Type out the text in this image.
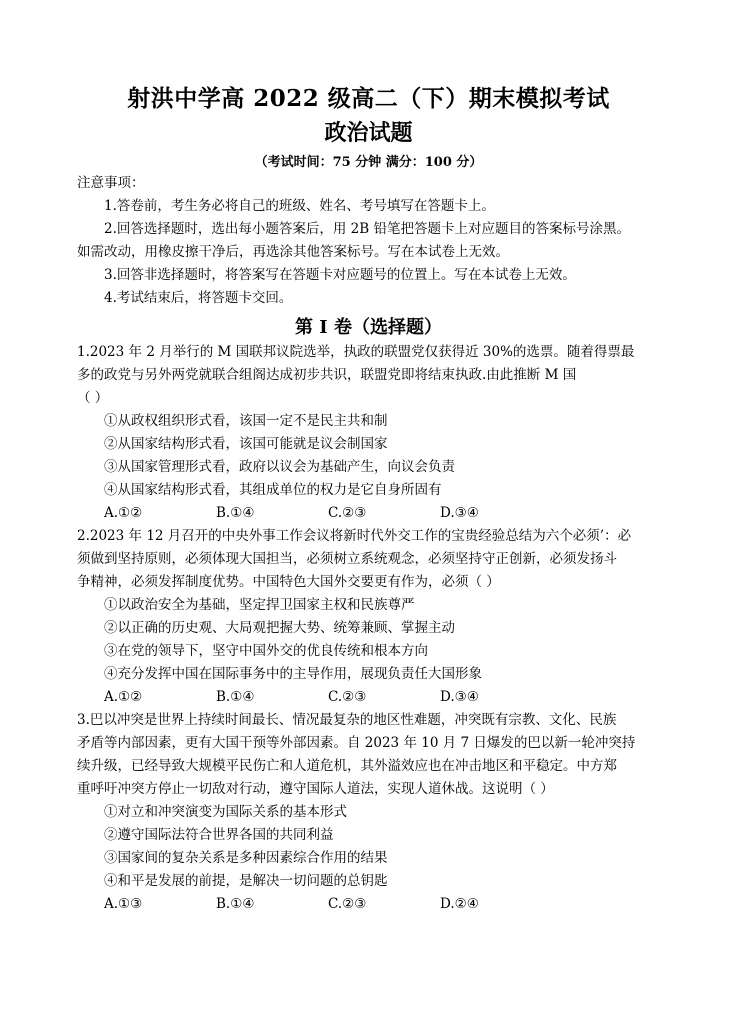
射洪中学高 2022 级高二（下）期末模拟考试
政治试题
（考试时间：75 分钟 满分：100 分）
注意事项：
1.答卷前，考生务必将自己的班级、姓名、考号填写在答题卡上。
2.回答选择题时，选出每小题答案后，用 2B 铅笔把答题卡上对应题目的答案标号涂黑。
如需改动，用橡皮擦干净后，再选涂其他答案标号。写在本试卷上无效。
3.回答非选择题时，将答案写在答题卡对应题号的位置上。写在本试卷上无效。
4.考试结束后，将答题卡交回。
第 I 卷（选择题）
1.2023 年 2 月举行的 M 国联邦议院选举，执政的联盟党仅获得近 30%的选票。随着得票最
多的政党与另外两党就联合组阁达成初步共识，联盟党即将结束执政.由此推断 M 国
（ ）
①从政权组织形式看，该国一定不是民主共和制
②从国家结构形式看，该国可能就是议会制国家
③从国家管理形式看，政府以议会为基础产生，向议会负责
④从国家结构形式看，其组成单位的权力是它自身所固有
A.①②	B.①④	C.②③	D.③④
2.2023 年 12 月召开的中央外事工作会议将新时代外交工作的宝贵经验总结为六个必须’：必
须做到坚持原则，必须体现大国担当，必须树立系统观念，必须坚持守正创新，必须发扬斗
争精神，必须发挥制度优势。中国特色大国外交要更有作为，必须（ ）
①以政治安全为基础，坚定捍卫国家主权和民族尊严
②以正确的历史观、大局观把握大势、统筹兼顾、掌握主动
③在党的领导下，坚守中国外交的优良传统和根本方向
④充分发挥中国在国际事务中的主导作用，展现负责任大国形象
A.①②	B.①④	C.②③	D.③④
3.巴以冲突是世界上持续时间最长、情况最复杂的地区性难题，冲突既有宗教、文化、民族
矛盾等内部因素，更有大国干预等外部因素。自 2023 年 10 月 7 日爆发的巴以新一轮冲突持
续升级，已经导致大规模平民伤亡和人道危机，其外溢效应也在冲击地区和平稳定。中方郑
重呼吁冲突方停止一切敌对行动，遵守国际人道法，实现人道休战。这说明（ ）
①对立和冲突演变为国际关系的基本形式
②遵守国际法符合世界各国的共同利益
③国家间的复杂关系是多种因素综合作用的结果
④和平是发展的前提，是解决一切问题的总钥匙
A.①③	B.①④	C.②③	D.②④
